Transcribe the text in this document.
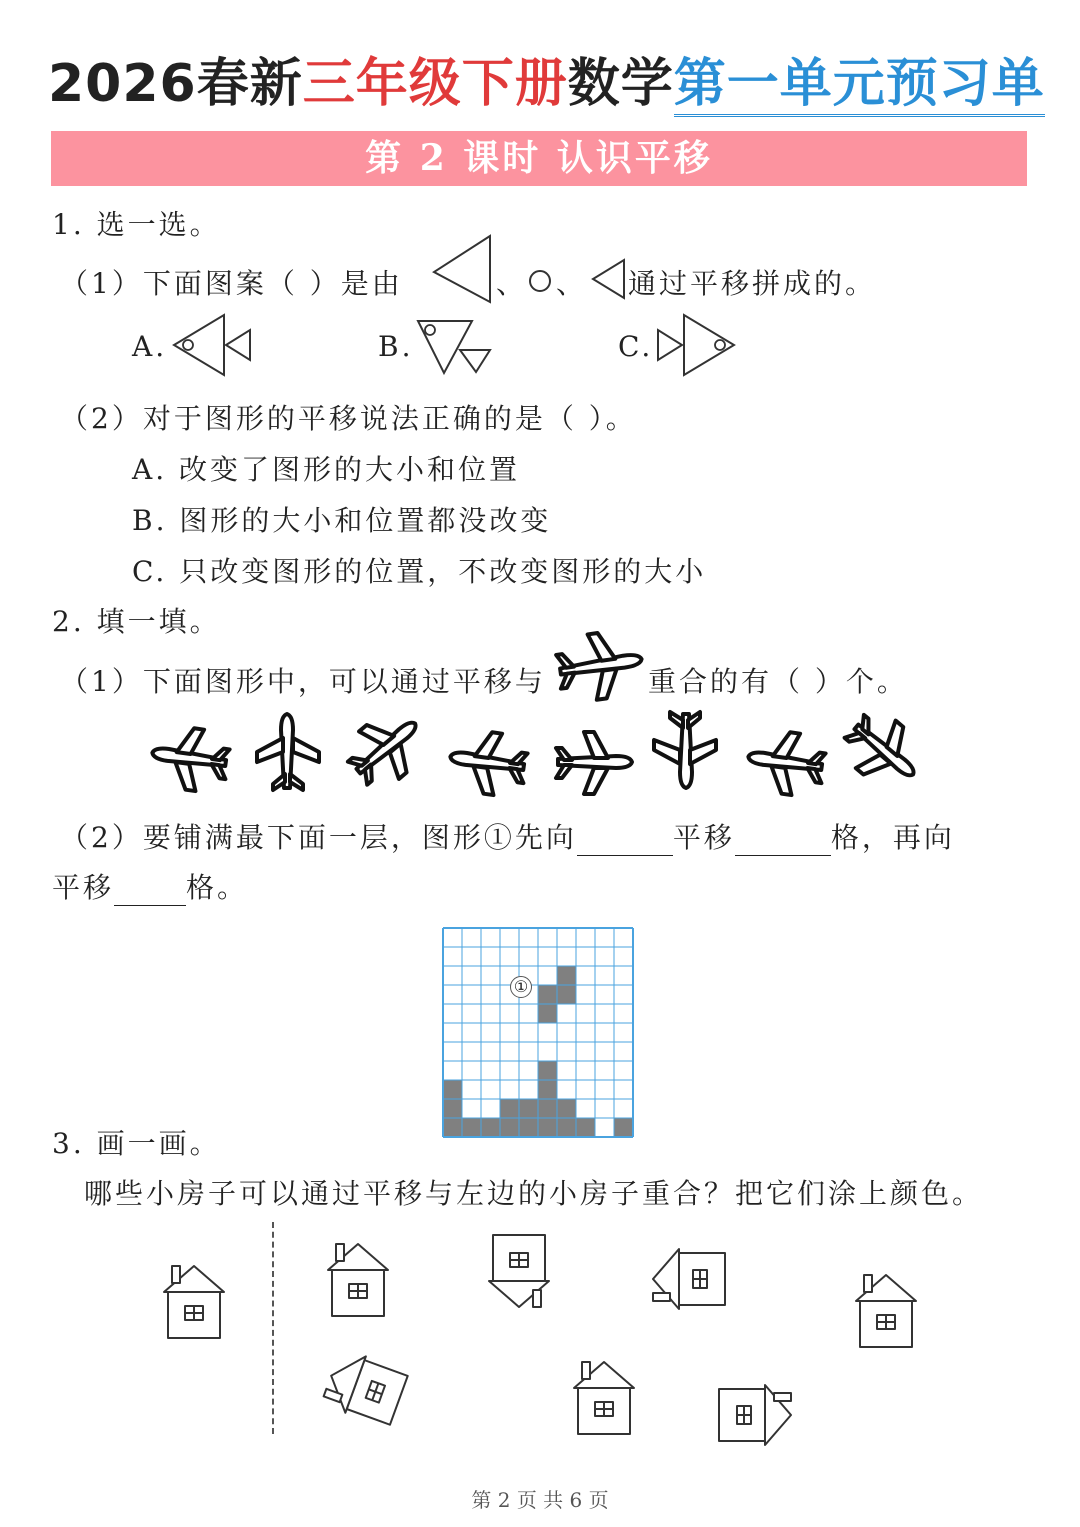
2026春新三年级下册数学第一单元预习单
第 2 课时 认识平移
1. 选一选。
（1）下面图案（ ）是由	、 、 通过平移拼成的。
A.	B.	C.
（2）对于图形的平移说法正确的是（ ）。
A. 改变了图形的大小和位置
B. 图形的大小和位置都没改变
C. 只改变图形的位置，不改变图形的大小
2. 填一填。
（1）下面图形中，可以通过平移与	重合的有（ ）个。
（2）要铺满最下面一层，图形①先向	平移	格，再向
平移	格。
①
3. 画一画。
哪些小房子可以通过平移与左边的小房子重合？把它们涂上颜色。
第 2 页 共 6 页
